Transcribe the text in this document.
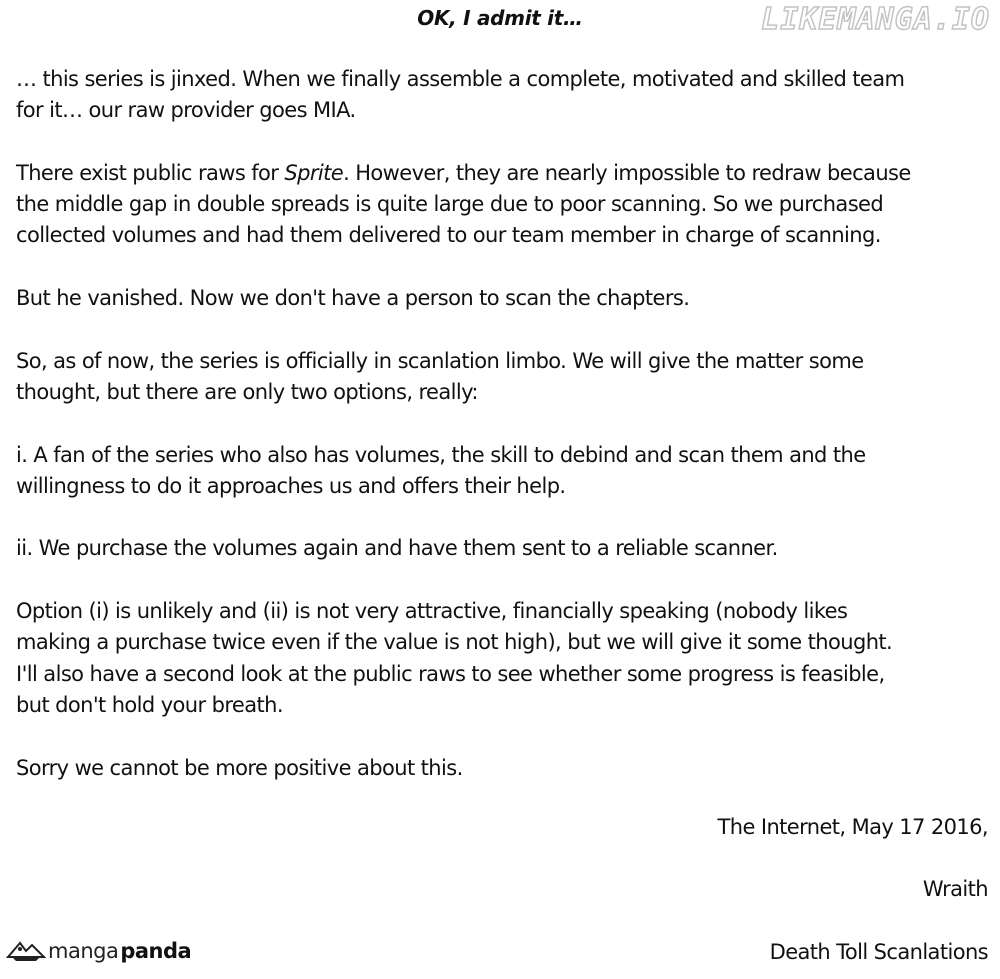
OK, I admit it…	LIKEMANGA.IO

… this series is jinxed. When we finally assemble a complete, motivated and skilled team
for it… our raw provider goes MIA.

There exist public raws for Sprite. However, they are nearly impossible to redraw because
the middle gap in double spreads is quite large due to poor scanning. So we purchased
collected volumes and had them delivered to our team member in charge of scanning.

But he vanished. Now we don't have a person to scan the chapters.

So, as of now, the series is officially in scanlation limbo. We will give the matter some
thought, but there are only two options, really:

i. A fan of the series who also has volumes, the skill to debind and scan them and the
willingness to do it approaches us and offers their help.

ii. We purchase the volumes again and have them sent to a reliable scanner.

Option (i) is unlikely and (ii) is not very attractive, financially speaking (nobody likes
making a purchase twice even if the value is not high), but we will give it some thought.
I'll also have a second look at the public raws to see whether some progress is feasible,
but don't hold your breath.

Sorry we cannot be more positive about this.

The Internet, May 17 2016,
Wraith
Death Toll Scanlations
manga panda
